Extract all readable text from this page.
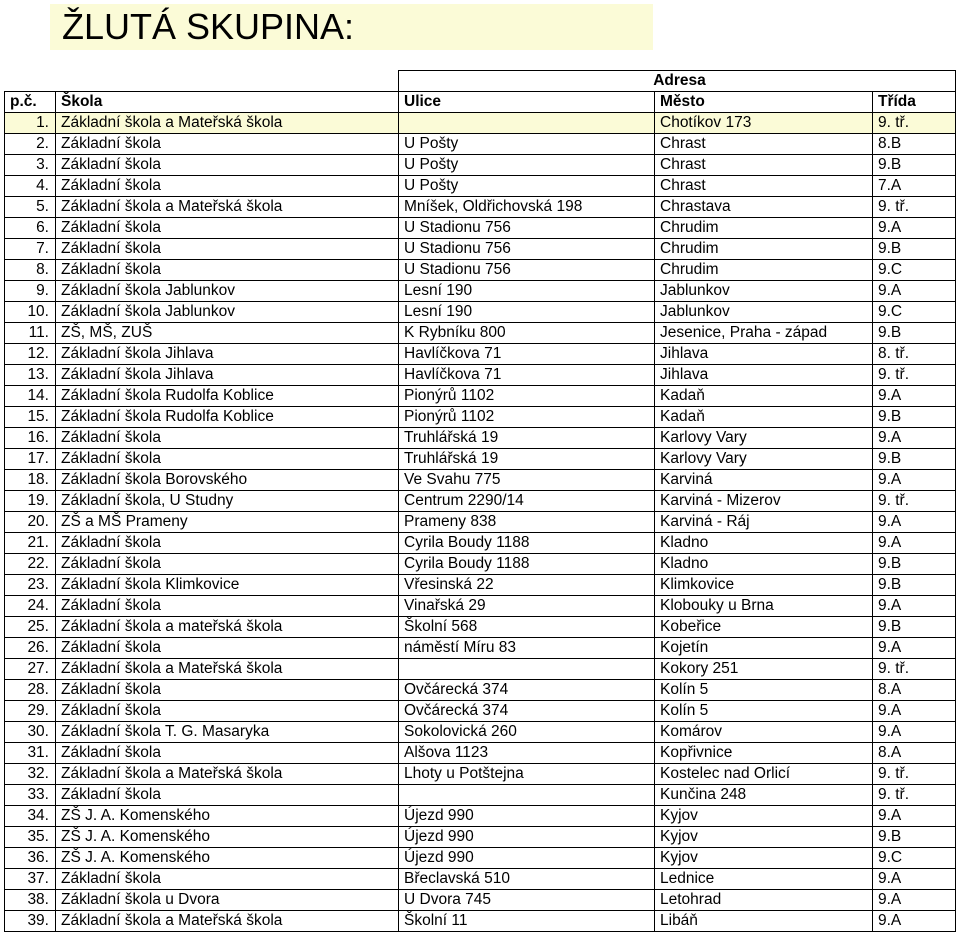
ŽLUTÁ SKUPINA:
		Adresa		
p.č.	Škola	Ulice	Město	Třída
1.	Základní škola a Mateřská škola		Chotíkov 173	9. tř.
2.	Základní škola	U Pošty	Chrast	8.B
3.	Základní škola	U Pošty	Chrast	9.B
4.	Základní škola	U Pošty	Chrast	7.A
5.	Základní škola a Mateřská škola	Mníšek, Oldřichovská 198	Chrastava	9. tř.
6.	Základní škola	U Stadionu 756	Chrudim	9.A
7.	Základní škola	U Stadionu 756	Chrudim	9.B
8.	Základní škola	U Stadionu 756	Chrudim	9.C
9.	Základní škola Jablunkov	Lesní 190	Jablunkov	9.A
10.	Základní škola Jablunkov	Lesní 190	Jablunkov	9.C
11.	ZŠ, MŠ, ZUŠ	K Rybníku 800	Jesenice, Praha - západ	9.B
12.	Základní škola Jihlava	Havlíčkova 71	Jihlava	8. tř.
13.	Základní škola Jihlava	Havlíčkova 71	Jihlava	9. tř.
14.	Základní škola Rudolfa Koblice	Pionýrů 1102	Kadaň	9.A
15.	Základní škola Rudolfa Koblice	Pionýrů 1102	Kadaň	9.B
16.	Základní škola	Truhlářská 19	Karlovy Vary	9.A
17.	Základní škola	Truhlářská 19	Karlovy Vary	9.B
18.	Základní škola Borovského	Ve Svahu 775	Karviná	9.A
19.	Základní škola, U Studny	Centrum 2290/14	Karviná - Mizerov	9. tř.
20.	ZŠ a MŠ Prameny	Prameny 838	Karviná - Ráj	9.A
21.	Základní škola	Cyrila Boudy 1188	Kladno	9.A
22.	Základní škola	Cyrila Boudy 1188	Kladno	9.B
23.	Základní škola Klimkovice	Vřesinská 22	Klimkovice	9.B
24.	Základní škola	Vinařská 29	Klobouky u Brna	9.A
25.	Základní škola a mateřská škola	Školní 568	Kobeřice	9.B
26.	Základní škola	náměstí Míru 83	Kojetín	9.A
27.	Základní škola a Mateřská škola		Kokory 251	9. tř.
28.	Základní škola	Ovčárecká 374	Kolín 5	8.A
29.	Základní škola	Ovčárecká 374	Kolín 5	9.A
30.	Základní škola T. G. Masaryka	Sokolovická 260	Komárov	9.A
31.	Základní škola	Alšova 1123	Kopřivnice	8.A
32.	Základní škola a Mateřská škola	Lhoty u Potštejna	Kostelec nad Orlicí	9. tř.
33.	Základní škola		Kunčina 248	9. tř.
34.	ZŠ J. A. Komenského	Újezd 990	Kyjov	9.A
35.	ZŠ J. A. Komenského	Újezd 990	Kyjov	9.B
36.	ZŠ J. A. Komenského	Újezd 990	Kyjov	9.C
37.	Základní škola	Břeclavská 510	Lednice	9.A
38.	Základní škola u Dvora	U Dvora 745	Letohrad	9.A
39.	Základní škola a Mateřská škola	Školní 11	Libáň	9.A
